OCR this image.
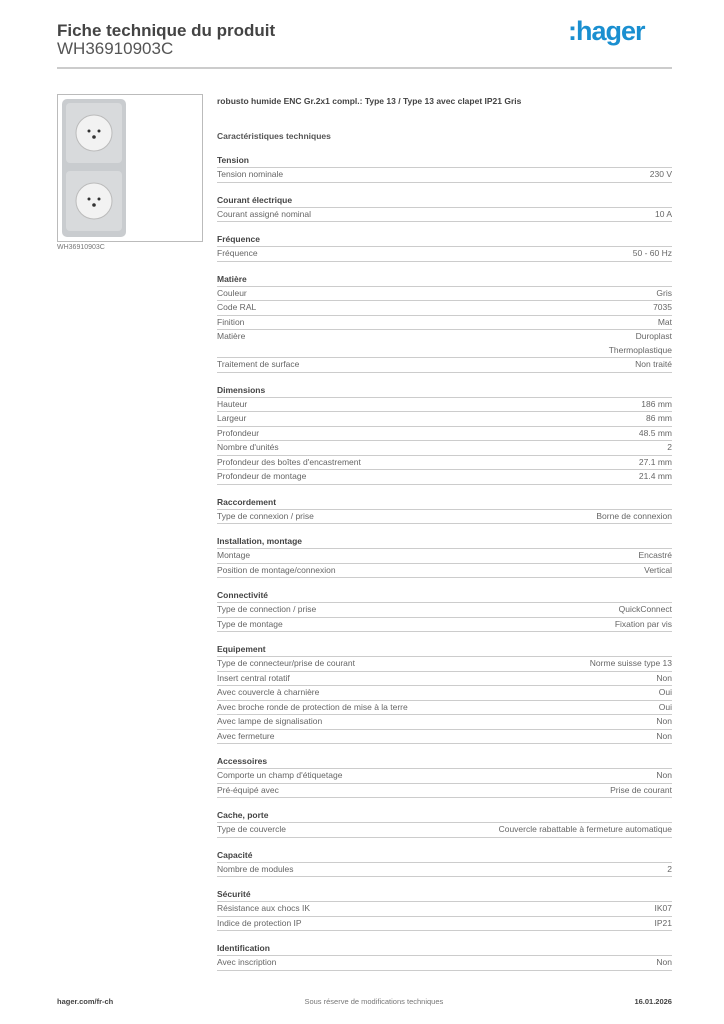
Fiche technique du produit
WH36910903C
:hager
WH36910903C
robusto humide ENC Gr.2x1 compl.: Type 13 / Type 13 avec clapet IP21 Gris
Caractéristiques techniques
Tension
Tension nominale	230 V
Courant électrique
Courant assigné nominal	10 A
Fréquence
Fréquence	50 - 60 Hz
Matière
Couleur	Gris
Code RAL	7035
Finition	Mat
Matière	Duroplast
Thermoplastique
Traitement de surface	Non traité
Dimensions
Hauteur	186 mm
Largeur	86 mm
Profondeur	48.5 mm
Nombre d'unités	2
Profondeur des boîtes d'encastrement	27.1 mm
Profondeur de montage	21.4 mm
Raccordement
Type de connexion / prise	Borne de connexion
Installation, montage
Montage	Encastré
Position de montage/connexion	Vertical
Connectivité
Type de connection / prise	QuickConnect
Type de montage	Fixation par vis
Equipement
Type de connecteur/prise de courant	Norme suisse type 13
Insert central rotatif	Non
Avec couvercle à charnière	Oui
Avec broche ronde de protection de mise à la terre	Oui
Avec lampe de signalisation	Non
Avec fermeture	Non
Accessoires
Comporte un champ d'étiquetage	Non
Pré-équipé avec	Prise de courant
Cache, porte
Type de couvercle	Couvercle rabattable à fermeture automatique
Capacité
Nombre de modules	2
Sécurité
Résistance aux chocs IK	IK07
Indice de protection IP	IP21
Identification
Avec inscription	Non
hager.com/fr-ch	Sous réserve de modifications techniques	16.01.2026
